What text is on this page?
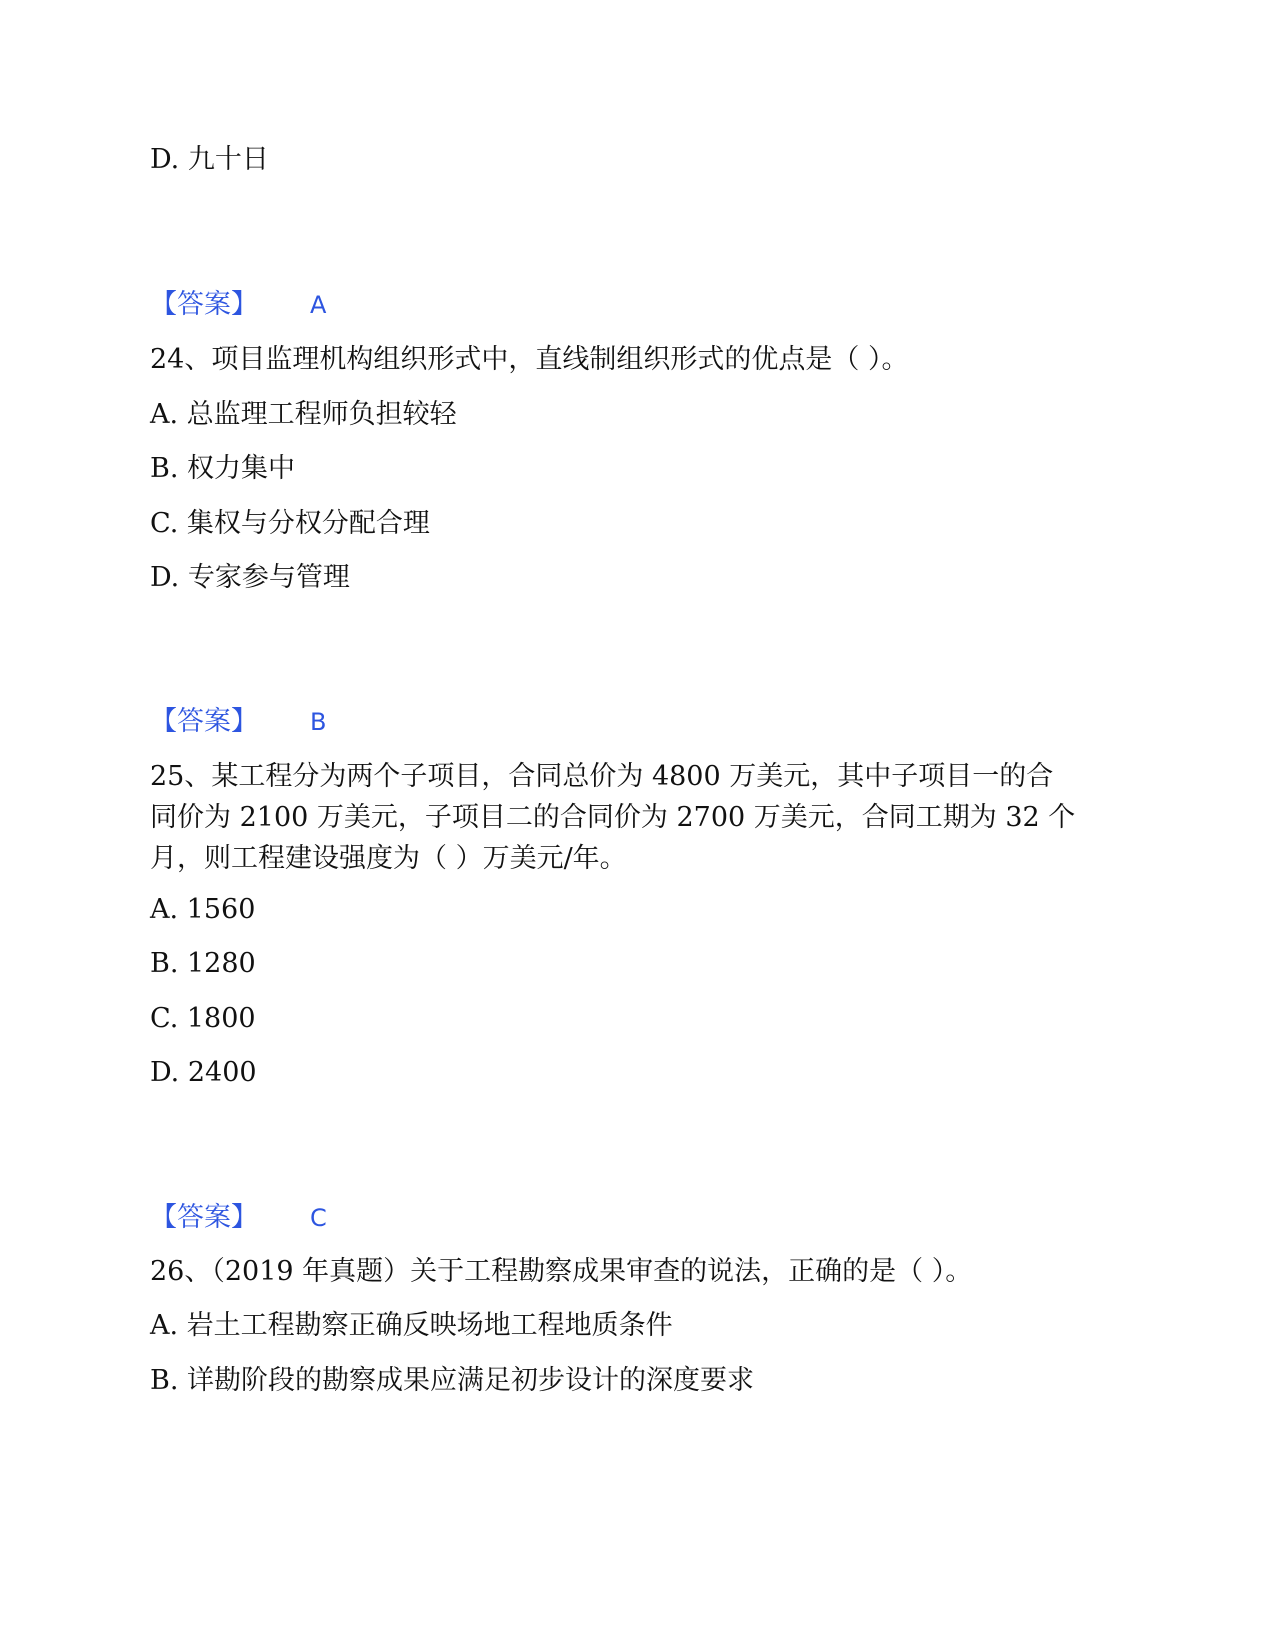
D. 九十日
【答案】 A
24、项目监理机构组织形式中，直线制组织形式的优点是（ ）。
A. 总监理工程师负担较轻
B. 权力集中
C. 集权与分权分配合理
D. 专家参与管理
【答案】 B
25、某工程分为两个子项目，合同总价为 4800 万美元，其中子项目一的合
同价为 2100 万美元，子项目二的合同价为 2700 万美元，合同工期为 32 个
月，则工程建设强度为（ ）万美元/年。
A. 1560
B. 1280
C. 1800
D. 2400
【答案】 C
26、（2019 年真题）关于工程勘察成果审查的说法，正确的是（ ）。
A. 岩土工程勘察正确反映场地工程地质条件
B. 详勘阶段的勘察成果应满足初步设计的深度要求
